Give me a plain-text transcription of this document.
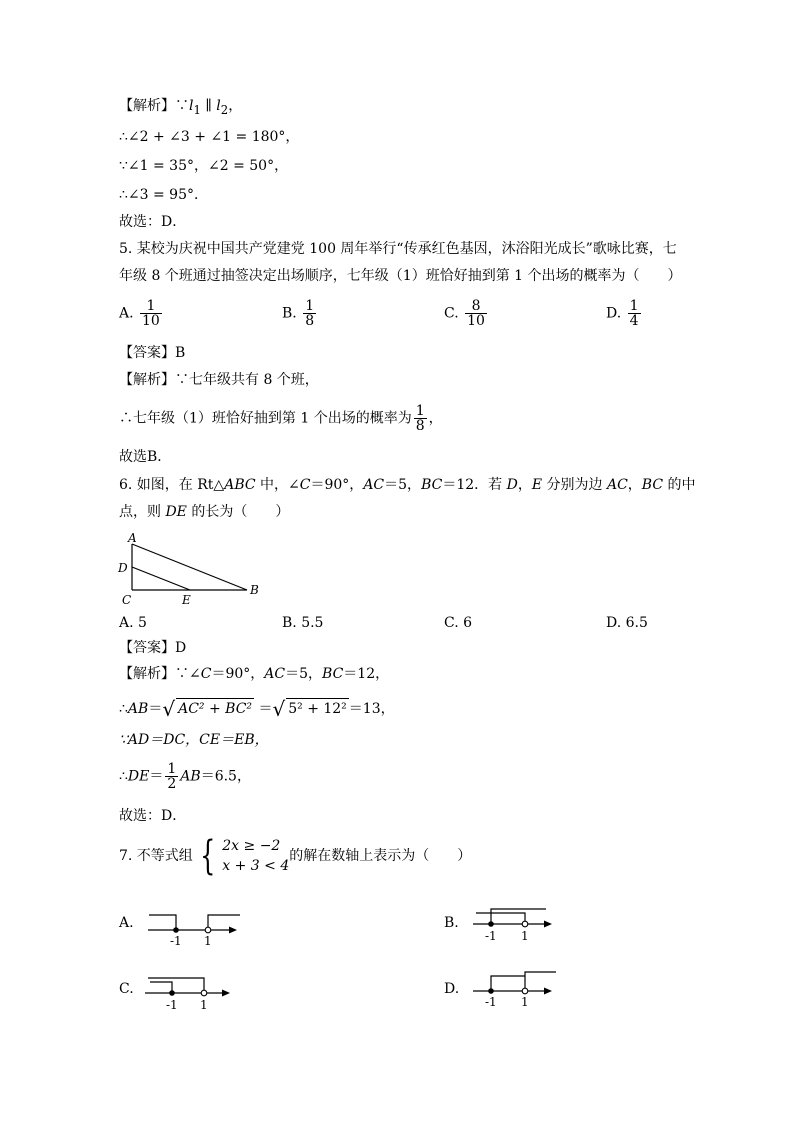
【解析】$\because l_1$ ∥ $l_2$，
∴∠2 + ∠3 + ∠1 = 180°，
∵∠1 = 35°，∠2 = 50°，
∴∠3 = 95°．
故选：D．
5. 某校为庆祝中国共产党建党 100 周年举行“传承红色基因，沐浴阳光成长”歌咏比赛，七
年级 8 个班通过抽签决定出场顺序，七年级（1）班恰好抽到第 1 个出场的概率为（　　）
A. $\frac{1}{10}$	B. $\frac{1}{8}$	C. $\frac{8}{10}$	D. $\frac{1}{4}$
【答案】B
【解析】∵七年级共有 8 个班，
∴七年级（1）班恰好抽到第 1 个出场的概率为 $\frac{1}{8}$ ，
故选B．
6. 如图，在 Rt△ABC 中，∠C＝90°，AC＝5，BC＝12．若 D，E 分别为边 AC，BC 的中
点，则 DE 的长为（　　）
A
D
C	E
B
A. 5	B. 5.5	C. 6	D. 6.5
【答案】D
【解析】∵∠C＝90°，AC＝5，BC＝12，
∴AB＝√ AC² + BC² ＝√ 5² + 12² ＝13，
∵AD＝DC，CE＝EB，
∴DE＝ $\frac{1}{2} AB=6.5$，
故选：D．
7. 不等式组 { 2x ≥ −2
x + 3 < 4
的解在数轴上表示为（　　）
A.
-1 1
B.
-1 1
C.
-1 1
D.
-1 1
